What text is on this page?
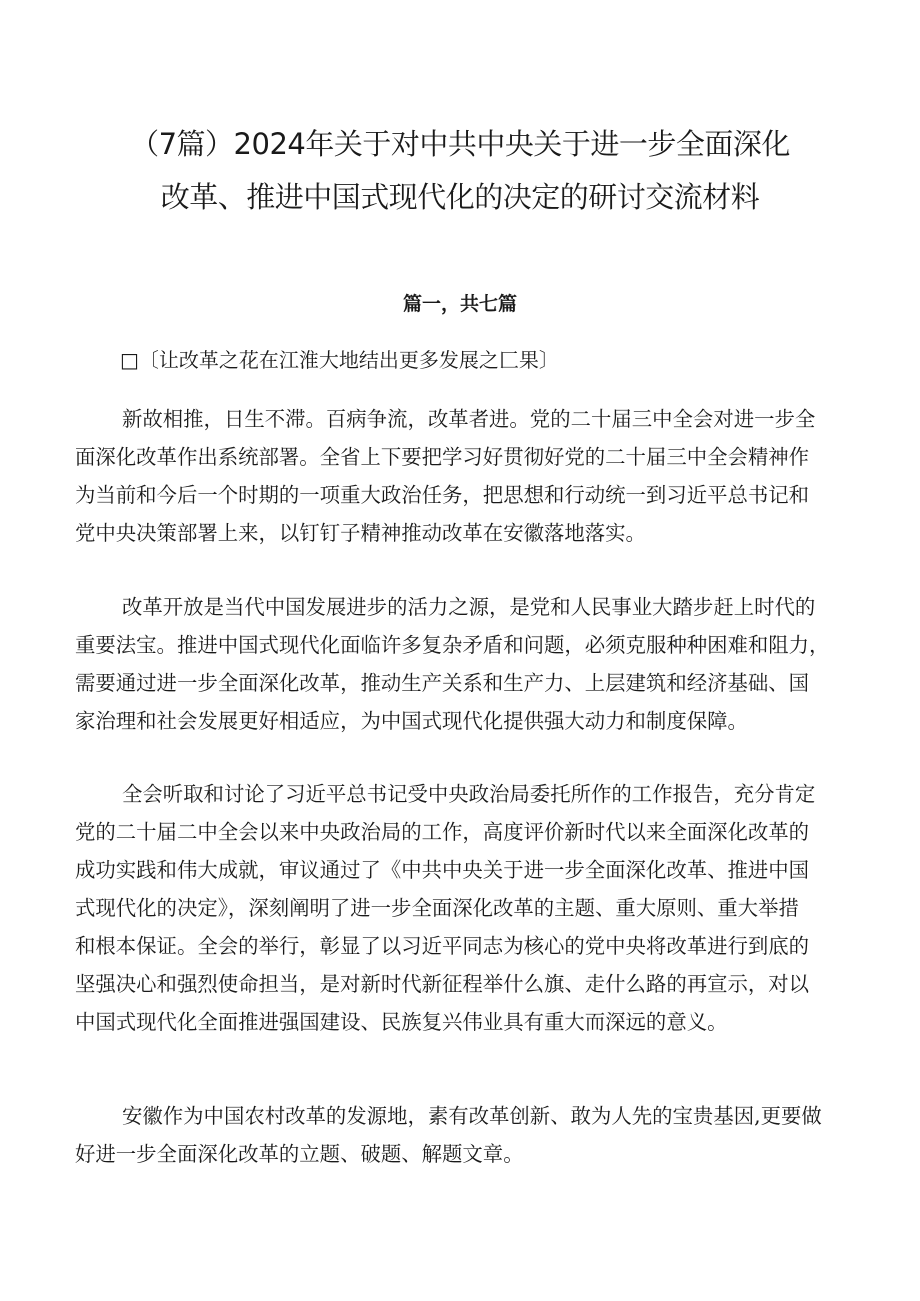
（7篇）2024年关于对中共中央关于进一步全面深化
改革、推进中国式现代化的决定的研讨交流材料
篇一，共七篇
□〔让改革之花在江淮大地结出更多发展之匚果〕
新故相推，日生不滞。百病争流，改革者进。党的二十届三中全会对进一步全
面深化改革作出系统部署。全省上下要把学习好贯彻好党的二十届三中全会精神作
为当前和今后一个时期的一项重大政治任务，把思想和行动统一到习近平总书记和
党中央决策部署上来，以钉钉子精神推动改革在安徽落地落实。
改革开放是当代中国发展进步的活力之源，是党和人民事业大踏步赶上时代的
重要法宝。推进中国式现代化面临许多复杂矛盾和问题，必须克服种种困难和阻力，
需要通过进一步全面深化改革，推动生产关系和生产力、上层建筑和经济基础、国
家治理和社会发展更好相适应，为中国式现代化提供强大动力和制度保障。
全会听取和讨论了习近平总书记受中央政治局委托所作的工作报告，充分肯定
党的二十届二中全会以来中央政治局的工作，高度评价新时代以来全面深化改革的
成功实践和伟大成就，审议通过了《中共中央关于进一步全面深化改革、推进中国
式现代化的决定》，深刻阐明了进一步全面深化改革的主题、重大原则、重大举措
和根本保证。全会的举行，彰显了以习近平同志为核心的党中央将改革进行到底的
坚强决心和强烈使命担当，是对新时代新征程举什么旗、走什么路的再宣示，对以
中国式现代化全面推进强国建设、民族复兴伟业具有重大而深远的意义。
安徽作为中国农村改革的发源地，素有改革创新、敢为人先的宝贵基因,更要做
好进一步全面深化改革的立题、破题、解题文章。
